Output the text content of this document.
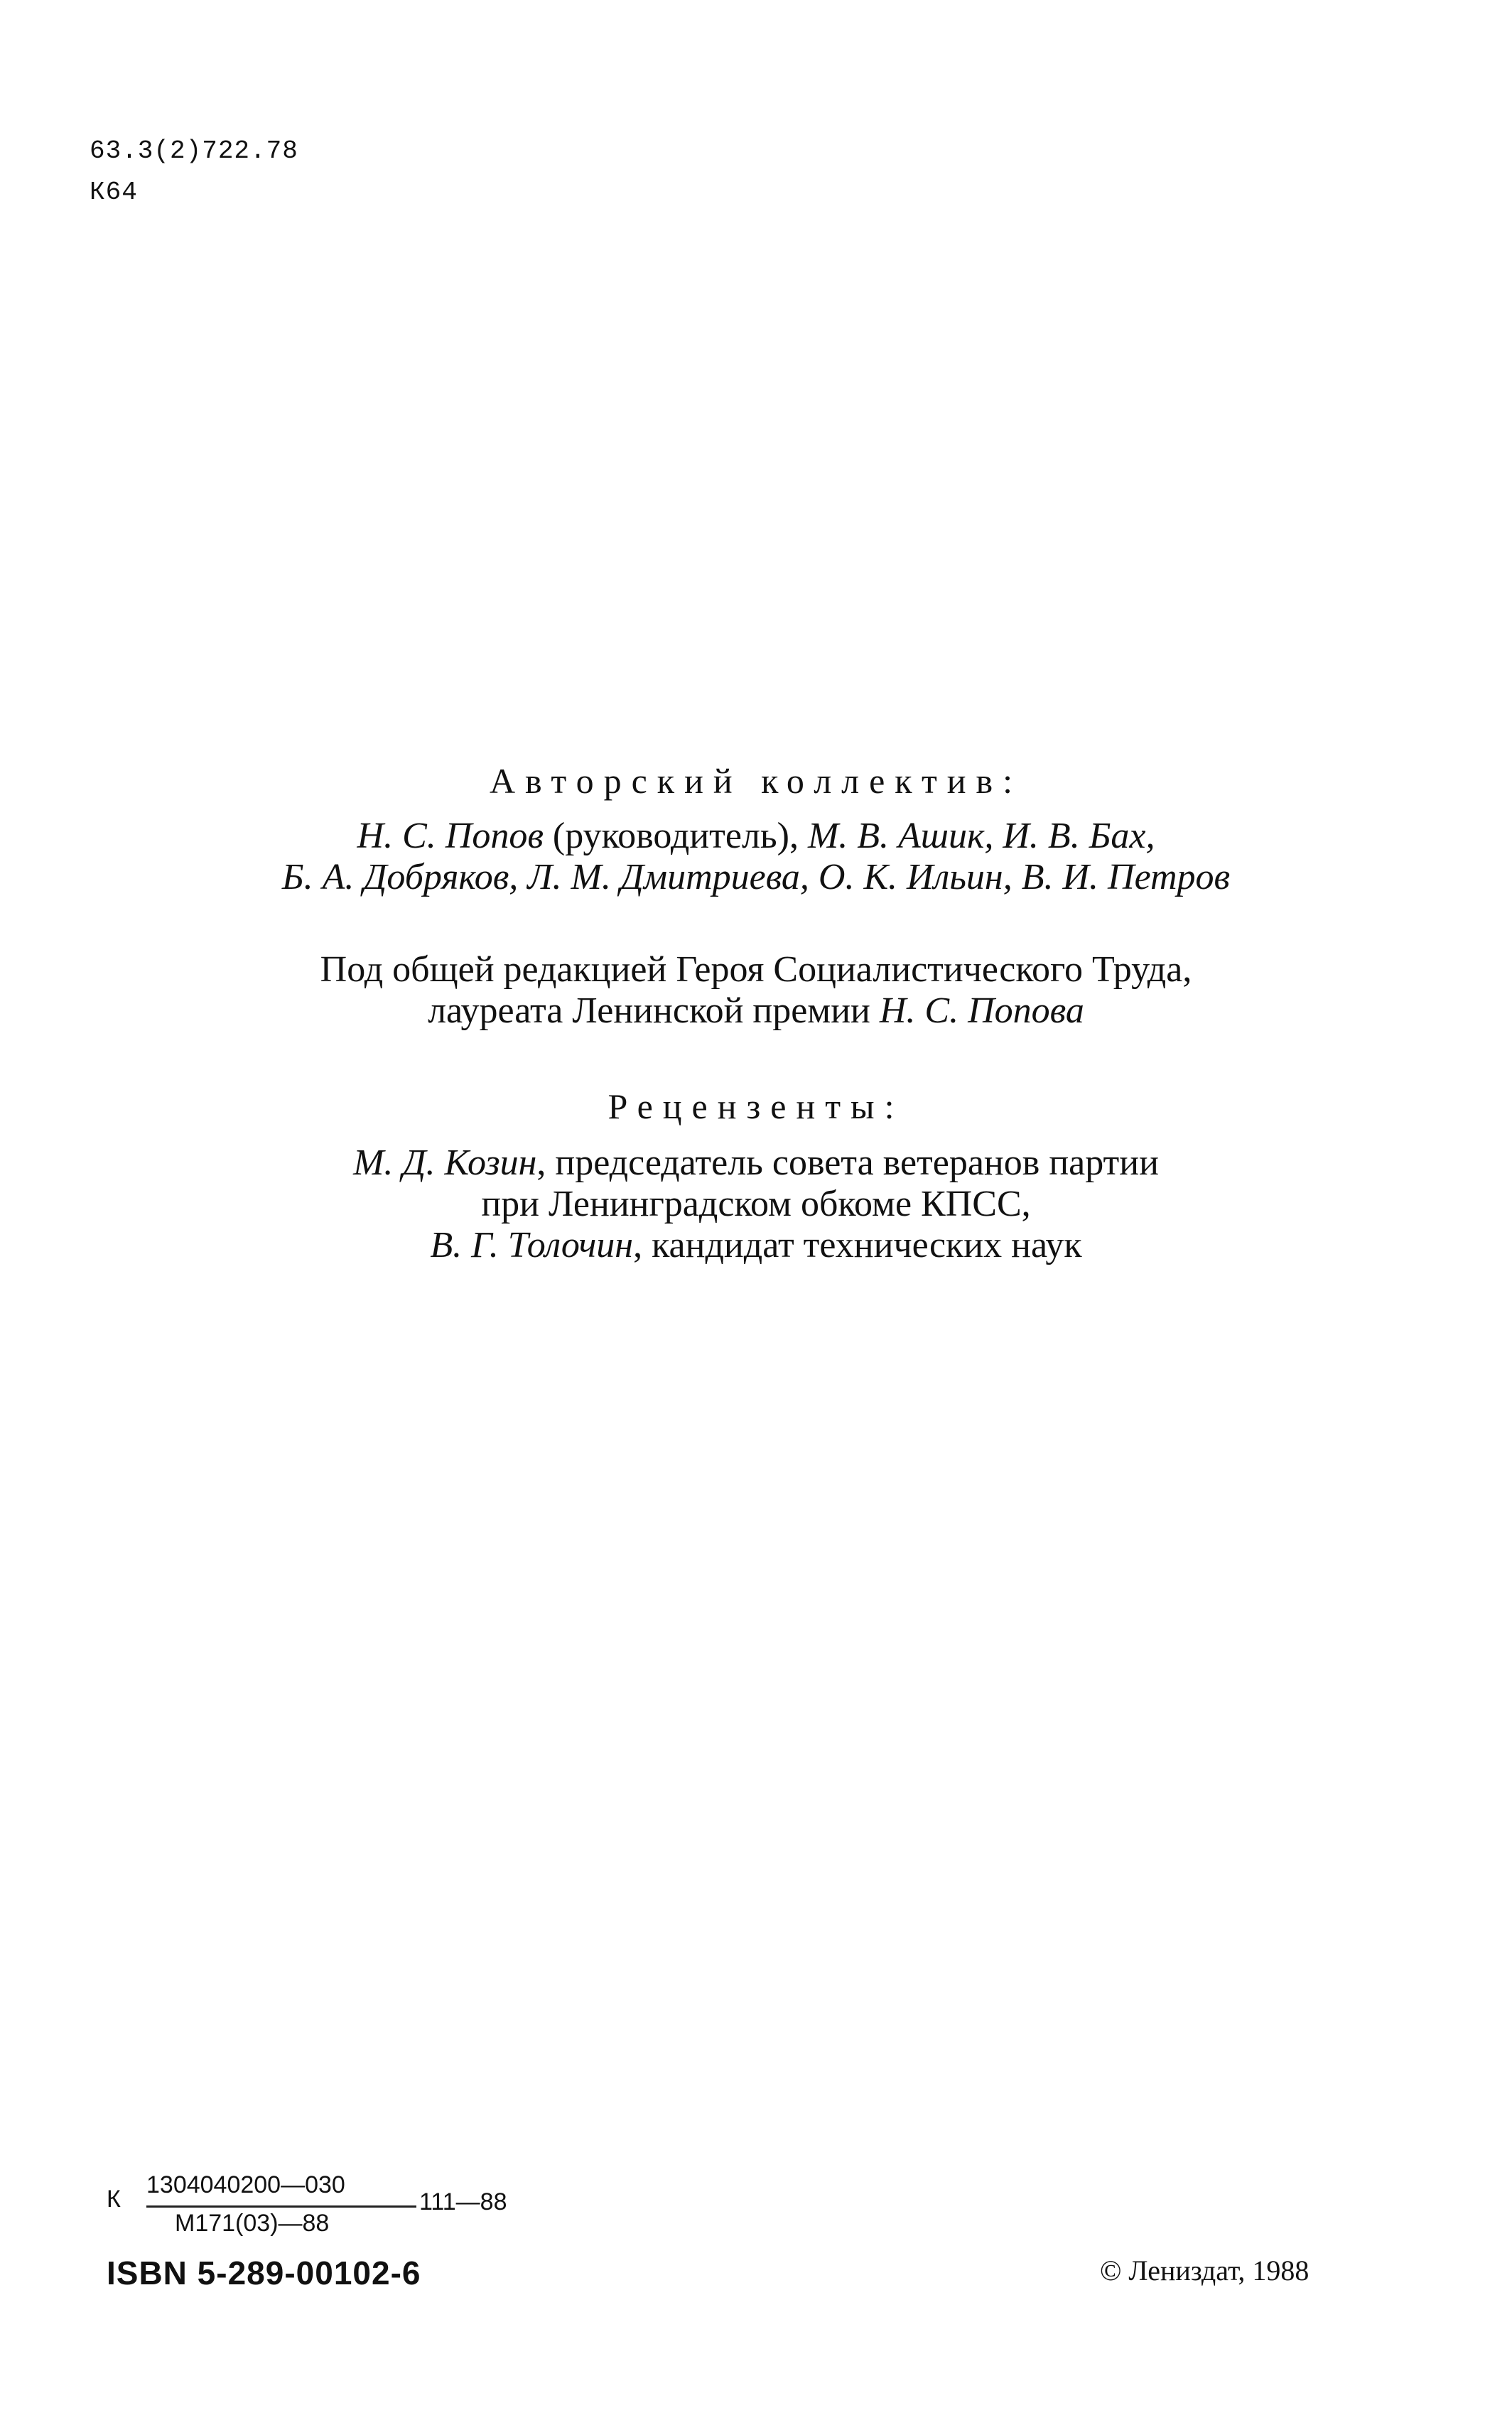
63.3(2)722.78
К64
Авторский коллектив:
Н. С. Попов (руководитель), М. В. Ашик, И. В. Бах,
Б. А. Добряков, Л. М. Дмитриева, О. К. Ильин, В. И. Петров
Под общей редакцией Героя Социалистического Труда,
лауреата Ленинской премии Н. С. Попова
Рецензенты:
М. Д. Козин, председатель совета ветеранов партии
при Ленинградском обкоме КПСС,
В. Г. Толочин, кандидат технических наук
К
1304040200—030
М171(03)—88
111—88
ISBN 5-289-00102-6	© Лениздат, 1988
